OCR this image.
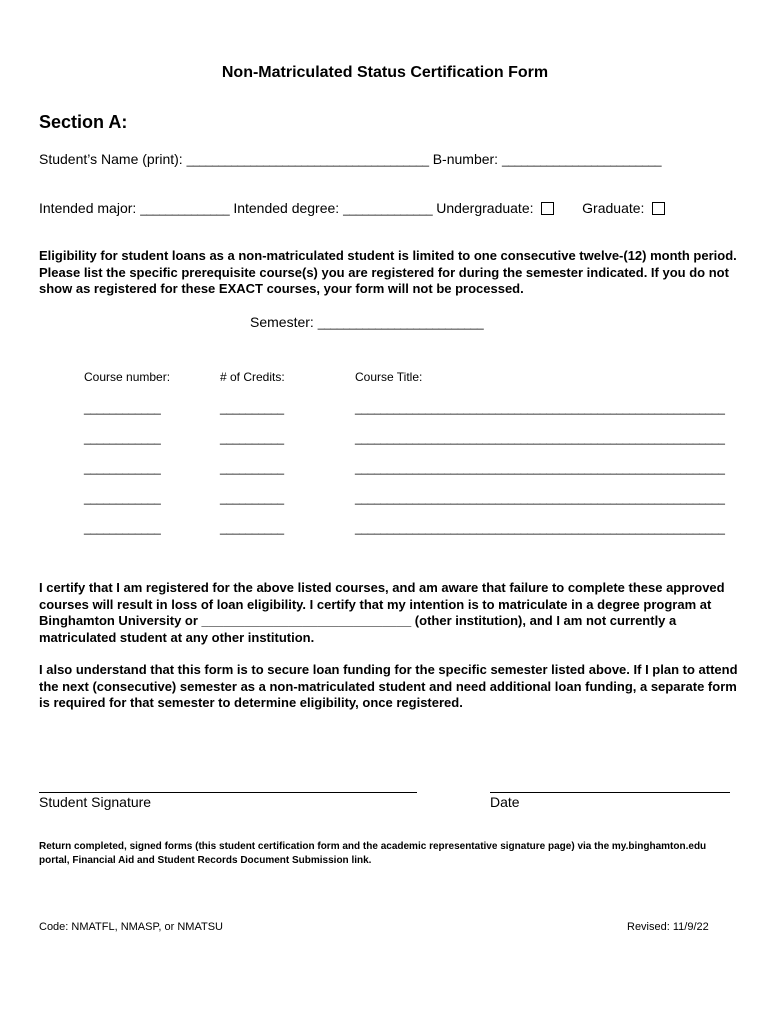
Non-Matriculated Status Certification Form
Section A:
Student’s Name (print): ______________________________________ B-number: _________________________
Intended major: ______________ Intended degree: ______________ Undergraduate:	Graduate:
Eligibility for student loans as a non-matriculated student is limited to one consecutive twelve-(12) month period. Please list the specific prerequisite course(s) you are registered for during the semester indicated. If you do not show as registered for these EXACT courses, your form will not be processed.
Semester: __________________________
Course number:	# of Credits:	Course Title:
____________	__________	__________________________________________________________
____________	__________	__________________________________________________________
____________	__________	__________________________________________________________
____________	__________	__________________________________________________________
____________	__________	__________________________________________________________
I certify that I am registered for the above listed courses, and am aware that failure to complete these approved courses will result in loss of loan eligibility. I certify that my intention is to matriculate in a degree program at Binghamton University or _____________________________ (other institution), and I am not currently a matriculated student at any other institution.
I also understand that this form is to secure loan funding for the specific semester listed above. If I plan to attend the next (consecutive) semester as a non-matriculated student and need additional loan funding, a separate form is required for that semester to determine eligibility, once registered.
Student Signature	Date
Return completed, signed forms (this student certification form and the academic representative signature page) via the my.binghamton.edu portal, Financial Aid and Student Records Document Submission link.
Code: NMATFL, NMASP, or NMATSU	Revised: 11/9/22
